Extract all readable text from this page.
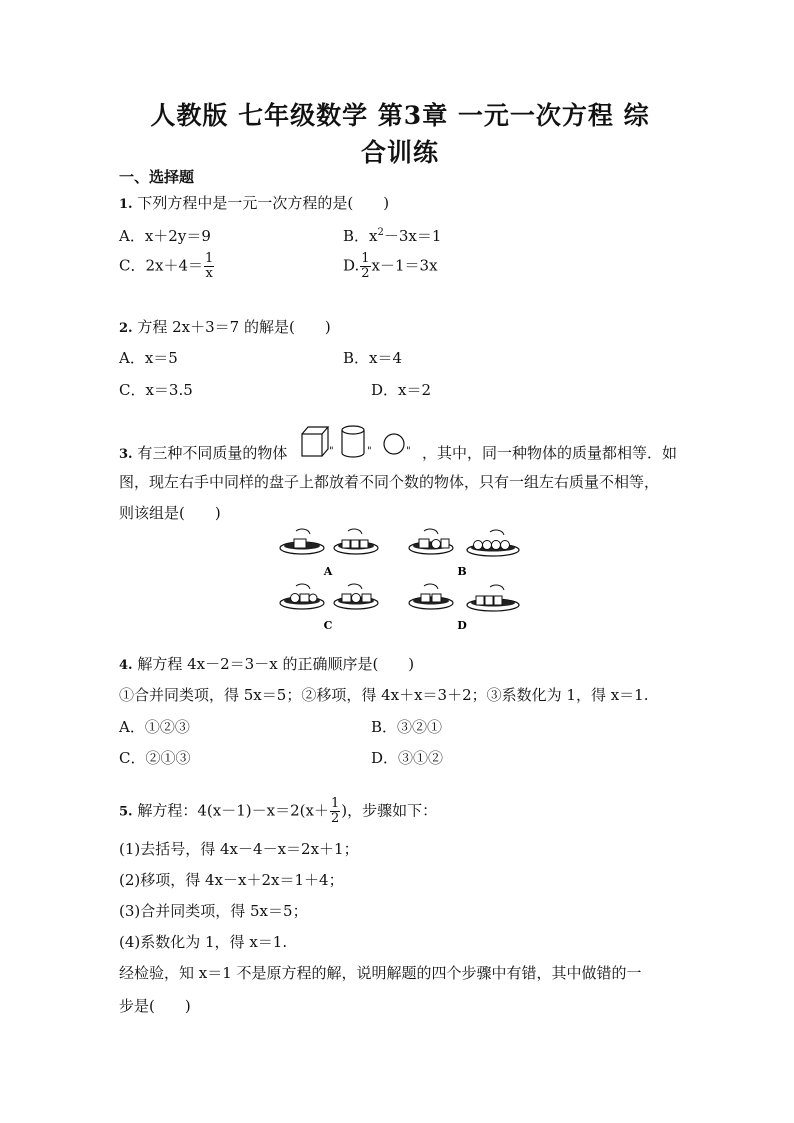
人教版 七年级数学 第3章 一元一次方程 综
合训练
一、选择题
1. 下列方程中是一元一次方程的是(　　)
A．x＋2y＝9	B．$x^2-3x=1$
C．$2x+4= \frac{1}{x}$	D. $\frac{1}{2} x-1=3x$
2. 方程 2x＋3＝7 的解是(　　)
A．x＝5	B．x＝4
C．x＝3.5	D．x＝2
3. 有三种不同质量的物体	，其中，同一种物体的质量都相等．如
"	"	"
图，现左右手中同样的盘子上都放着不同个数的物体，只有一组左右质量不相等，
则该组是(　　)
A	B
C	D
4. 解方程 4x－2＝3－x 的正确顺序是(　　)
①合并同类项，得 5x＝5；②移项，得 4x＋x＝3＋2；③系数化为 1，得 x＝1.
A．①②③	B．③②①
C．②①③	D．③①②
5. 解方程：$4(x-1)-x=2(x+ \frac{1}{2}$ )，步骤如下：
(1)去括号，得 4x－4－x＝2x＋1；
(2)移项，得 4x－x＋2x＝1＋4；
(3)合并同类项，得 5x＝5；
(4)系数化为 1，得 x＝1.
经检验，知 x＝1 不是原方程的解，说明解题的四个步骤中有错，其中做错的一
步是(　　)
